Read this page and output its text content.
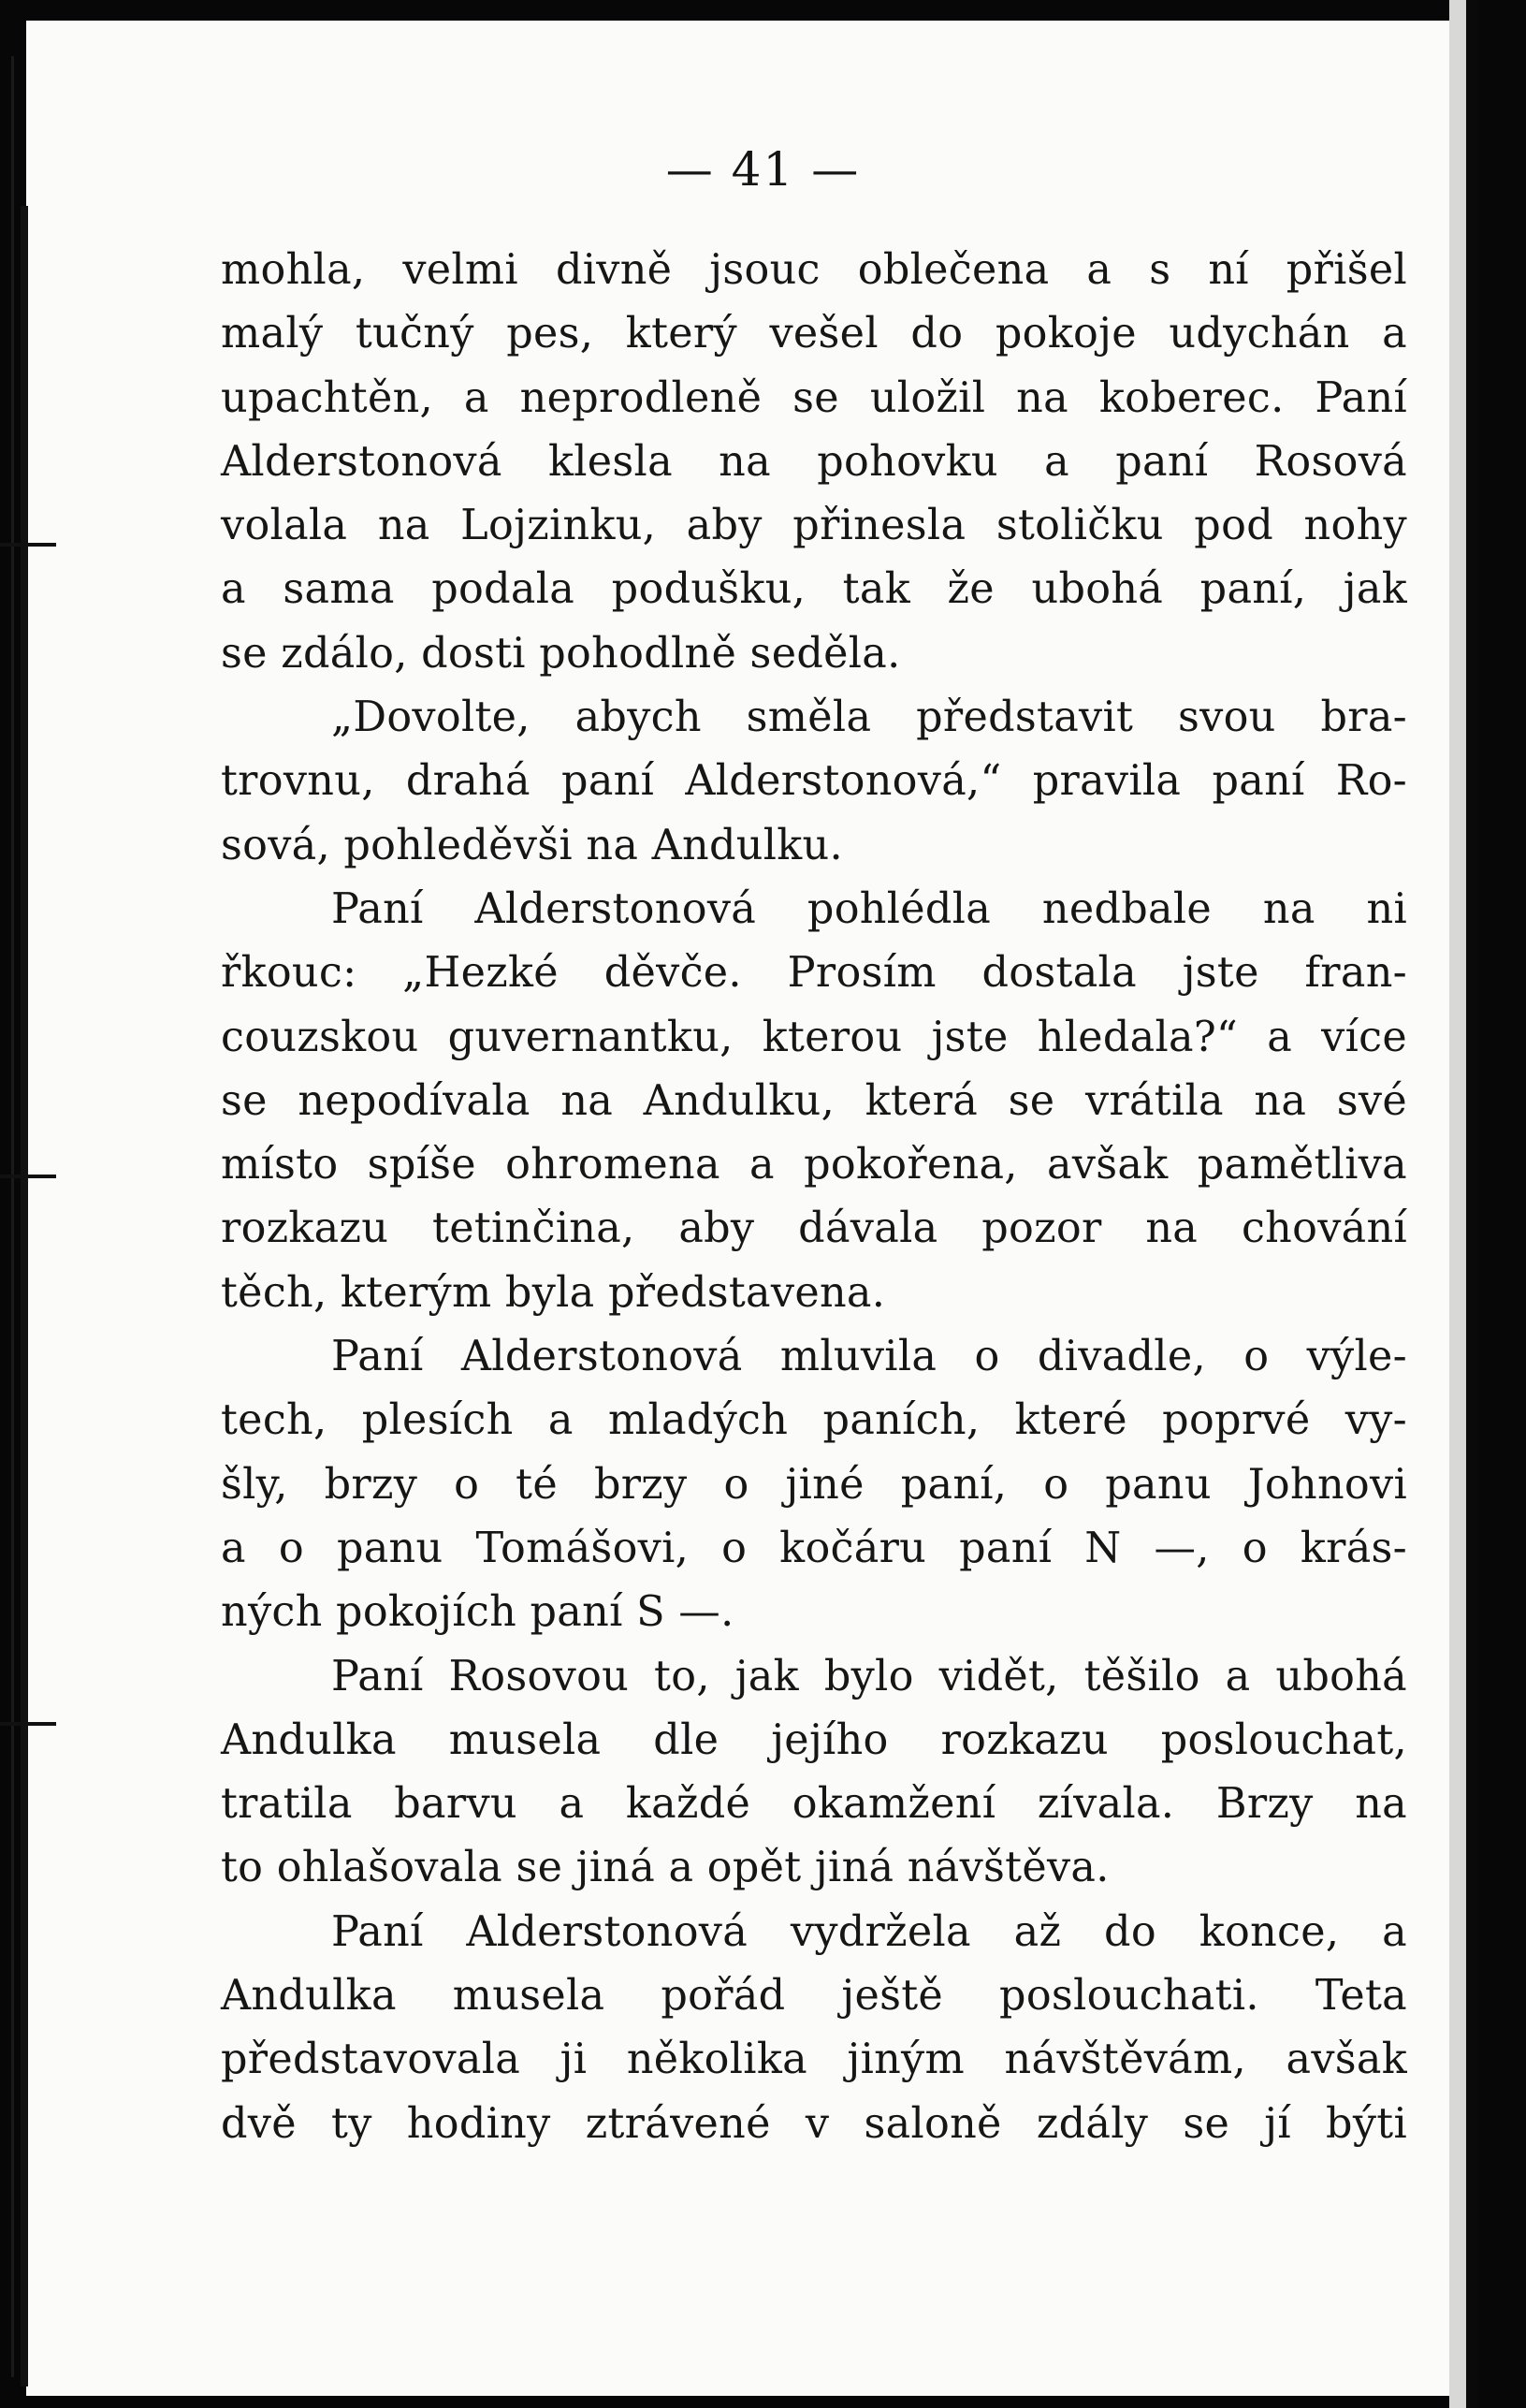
— 41 —
mohla, velmi divně jsouc oblečena a s ní přišel
malý tučný pes, který vešel do pokoje udychán a
upachtěn, a neprodleně se uložil na koberec. Paní
Alderstonová klesla na pohovku a paní Rosová
volala na Lojzinku, aby přinesla stoličku pod nohy
a sama podala podušku, tak že ubohá paní, jak
se zdálo, dosti pohodlně seděla.
„Dovolte, abych směla představit svou bra-
trovnu, drahá paní Alderstonová,“ pravila paní Ro-
sová, pohleděvši na Andulku.
Paní Alderstonová pohlédla nedbale na ni
řkouc: „Hezké děvče. Prosím dostala jste fran-
couzskou guvernantku, kterou jste hledala?“ a více
se nepodívala na Andulku, která se vrátila na své
místo spíše ohromena a pokořena, avšak pamětliva
rozkazu tetinčina, aby dávala pozor na chování
těch, kterým byla představena.
Paní Alderstonová mluvila o divadle, o výle-
tech, plesích a mladých paních, které poprvé vy-
šly, brzy o té brzy o jiné paní, o panu Johnovi
a o panu Tomášovi, o kočáru paní N —, o krás-
ných pokojích paní S —.
Paní Rosovou to, jak bylo vidět, těšilo a ubohá
Andulka musela dle jejího rozkazu poslouchat,
tratila barvu a každé okamžení zívala. Brzy na
to ohlašovala se jiná a opět jiná návštěva.
Paní Alderstonová vydržela až do konce, a
Andulka musela pořád ještě poslouchati. Teta
představovala ji několika jiným návštěvám, avšak
dvě ty hodiny ztrávené v saloně zdály se jí býti
